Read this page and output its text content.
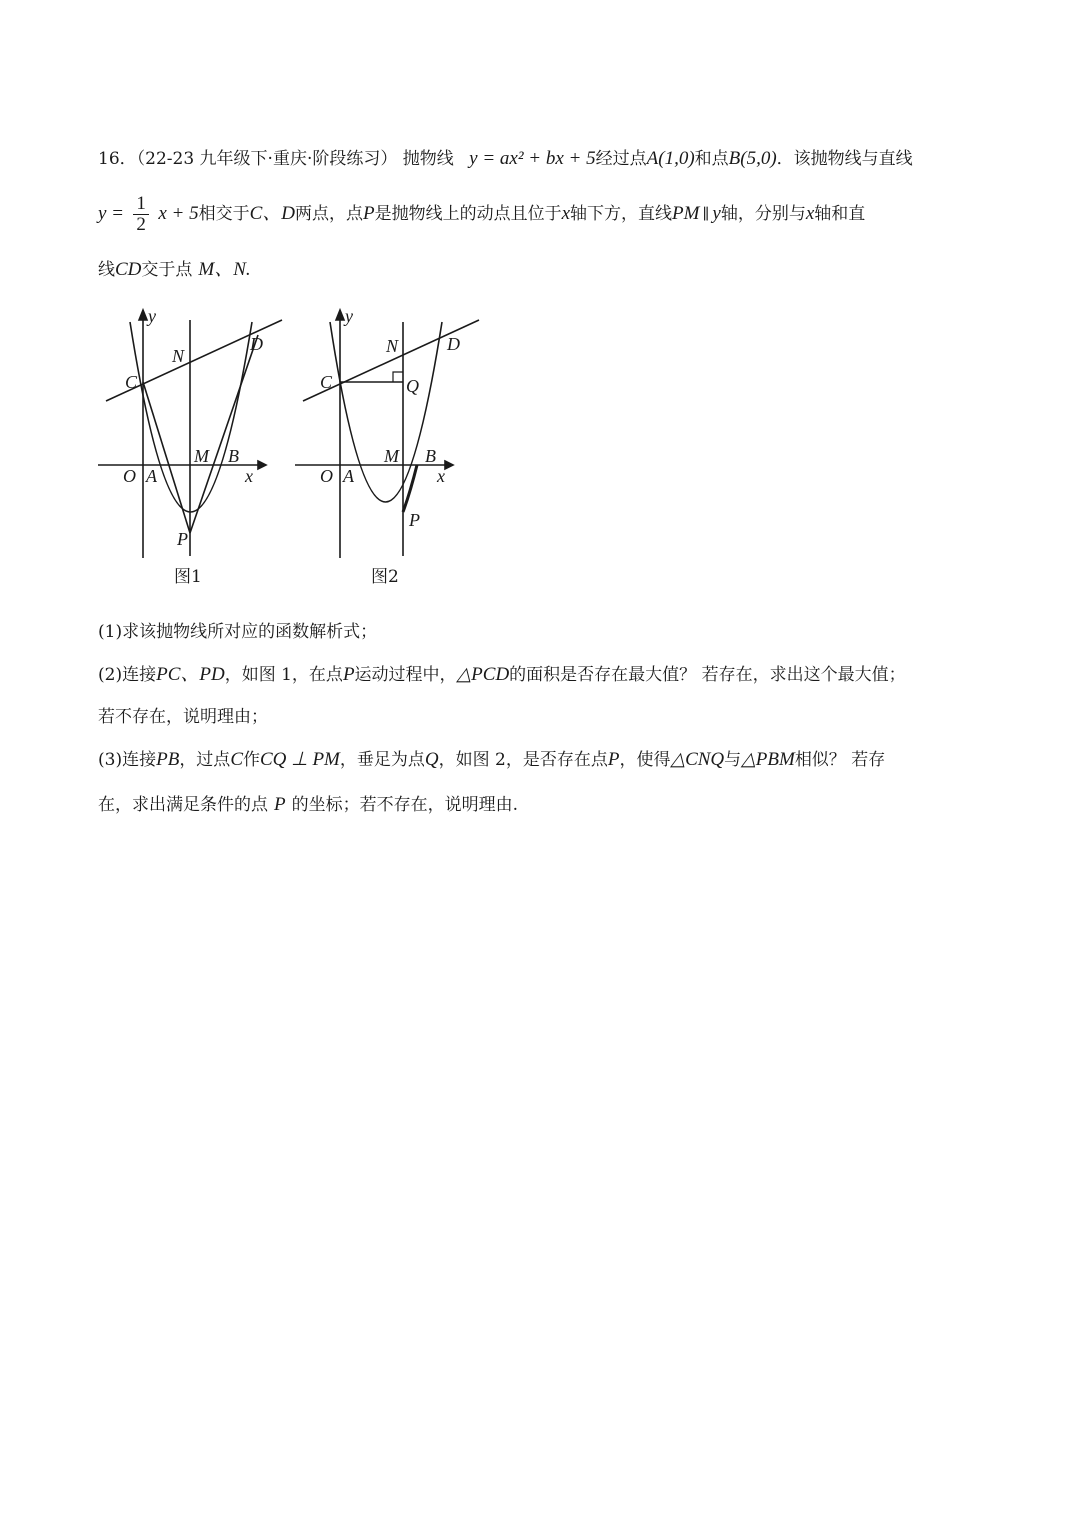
16．（22-23 九年级下·重庆·阶段练习） 抛物线 y = ax² + bx + 5经过点A(1,0)和点B(5,0)．该抛物线与直线
$y = \frac{1}{2}$ x + 5相交于C、D两点，点P是抛物线上的动点且位于x轴下方，直线PM ∥ y轴，分别与x轴和直
线CD交于点 M、N.
y
N
D
C
M B
O A	x
P
图1
y
N	D
C	Q
M B
O A	x
P
图2
(1)求该抛物线所对应的函数解析式；
(2)连接PC、PD，如图 1，在点P运动过程中，△PCD的面积是否存在最大值？ 若存在，求出这个最大值；
若不存在，说明理由；
(3)连接PB，过点C作CQ ⊥ PM，垂足为点Q，如图 2，是否存在点P，使得△CNQ与△PBM相似？ 若存
在，求出满足条件的点 P 的坐标；若不存在，说明理由.
